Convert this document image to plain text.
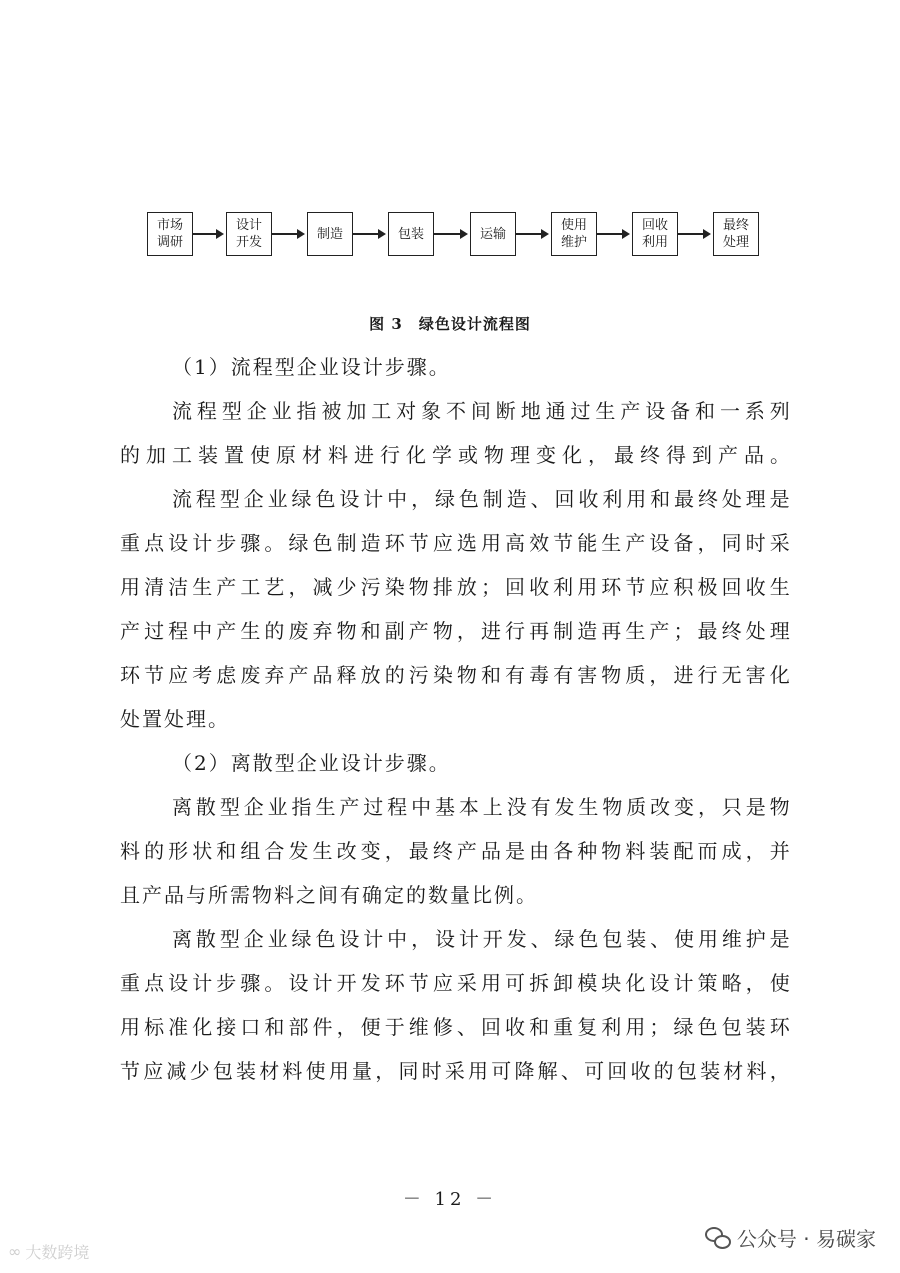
市场调研
设计开发
制造	包装	运输
使用维护
回收利用
最终处理
图 3　绿色设计流程图
（1）流程型企业设计步骤。
流 程 型 企 业 指 被 加 工 对 象 不 间 断 地 通 过 生 产 设 备 和 一 系 列
的 加 工 装 置 使 原 材 料 进 行 化 学 或 物 理 变 化 ， 最 终 得 到 产 品 。
流 程 型 企 业 绿 色 设 计 中 ， 绿 色 制 造 、 回 收 利 用 和 最 终 处 理 是
重 点 设 计 步 骤 。 绿 色 制 造 环 节 应 选 用 高 效 节 能 生 产 设 备 ， 同 时 采
用 清 洁 生 产 工 艺 ， 减 少 污 染 物 排 放 ； 回 收 利 用 环 节 应 积 极 回 收 生
产 过 程 中 产 生 的 废 弃 物 和 副 产 物 ， 进 行 再 制 造 再 生 产 ； 最 终 处 理
环 节 应 考 虑 废 弃 产 品 释 放 的 污 染 物 和 有 毒 有 害 物 质 ， 进 行 无 害 化
处置处理。
（2）离散型企业设计步骤。
离 散 型 企 业 指 生 产 过 程 中 基 本 上 没 有 发 生 物 质 改 变 ， 只 是 物
料 的 形 状 和 组 合 发 生 改 变 ， 最 终 产 品 是 由 各 种 物 料 装 配 而 成 ， 并
且产品与所需物料之间有确定的数量比例。
离 散 型 企 业 绿 色 设 计 中 ， 设 计 开 发 、 绿 色 包 装 、 使 用 维 护 是
重 点 设 计 步 骤 。 设 计 开 发 环 节 应 采 用 可 拆 卸 模 块 化 设 计 策 略 ， 使
用 标 准 化 接 口 和 部 件 ， 便 于 维 修 、 回 收 和 重 复 利 用 ； 绿 色 包 装 环
节 应 减 少 包 装 材 料 使 用 量 ， 同 时 采 用 可 降 解 、 可 回 收 的 包 装 材 料 ，
－ 12 －
∞ 大数跨境
公众号 · 易碳家
